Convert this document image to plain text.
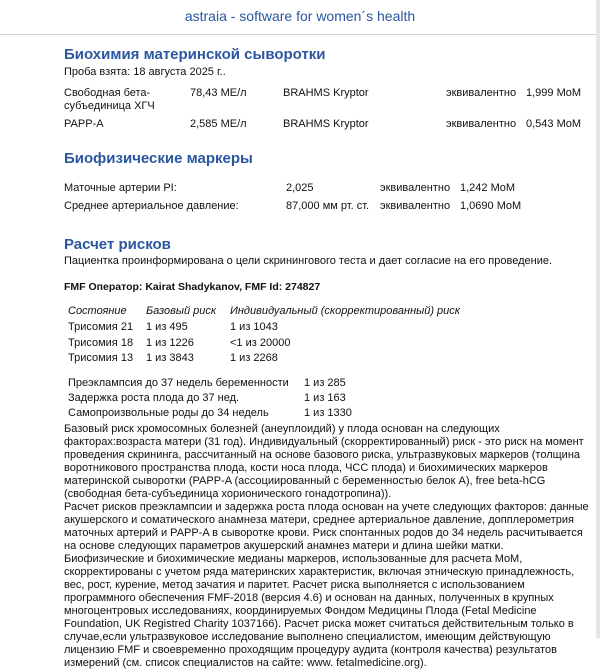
astraia - software for women´s health
Биохимия материнской сыворотки
Проба взята: 18 августа 2025 г..
Свободная бета-
субъединица ХГЧ
78,43 МЕ/л	BRAHMS Kryptor	эквивалентно 1,999 MoM
PAPP-A	2,585 МЕ/л	BRAHMS Kryptor	эквивалентно 0,543 MoM
Биофизические маркеры
Маточные артерии PI:	2,025	эквивалентно 1,242 MoM
Среднее артериальное давление:	87,000 мм рт. ст. эквивалентно 1,0690 MoM
Расчет рисков
Пациентка проинформирована о цели скринингового теста и дает согласие на его проведение.
FMF Оператор: Kairat Shadykanov, FMF Id: 274827
Состояние Базовый риск Индивидуальный (скорректированный) риск
Трисомия 21 1 из 495	1 из 1043
Трисомия 18 1 из 1226	<1 из 20000
Трисомия 13 1 из 3843	1 из 2268
Преэклампсия до 37 недель беременности 1 из 285
Задержка роста плода до 37 нед.	1 из 163
Самопроизвольные роды до 34 недель	1 из 1330

Базовый риск хромосомных болезней (анеуплоидий) у плода основан на следующих факторах:возраста матери (31 год). Индивидуальный (скорректированный) риск - это риск на момент проведения скрининга, рассчитанный на основе базового риска, ультразвуковых маркеров (толщина воротникового пространства плода, кости носа плода, ЧСС плода) и биохимических маркеров материнской сыворотки (PAPP-A (ассоциированный с беременностью белок А), free beta-hCG (свободная бета-субъединица хорионического гонадотропина)).

Расчет рисков преэклампсии и задержка роста плода основан на учете следующих факторов: данные акушерского и соматического анамнеза матери, среднее артериальное давление, допплерометрия маточных артерий и PAPP-A в сыворотке крови. Риск спонтанных родов до 34 недель расчитывается на основе следующих параметров акушерский анамнез матери и длина шейки матки.

Биофизические и биохимические медианы маркеров, использованные для расчета MoM, скорректированы с учетом ряда материнских характеристик, включая этническую принадлежность, вес, рост, курение, метод зачатия и паритет. Расчет риска выполняется с использованием программного обеспечения FMF-2018 (версия 4.6) и основан на данных, полученных в крупных многоцентровых исследованиях, координируемых Фондом Медицины Плода (Fetal Medicine Foundation, UK Registred Charity 1037166). Расчет риска может считаться действительным только в случае,если ультразвуковое исследование выполнено специалистом, имеющим действующую лицензию FMF и своевременно проходящим процедуру аудита (контроля качества) результатов измерений (см. список специалистов на сайте: www. fetalmedicine.org).
